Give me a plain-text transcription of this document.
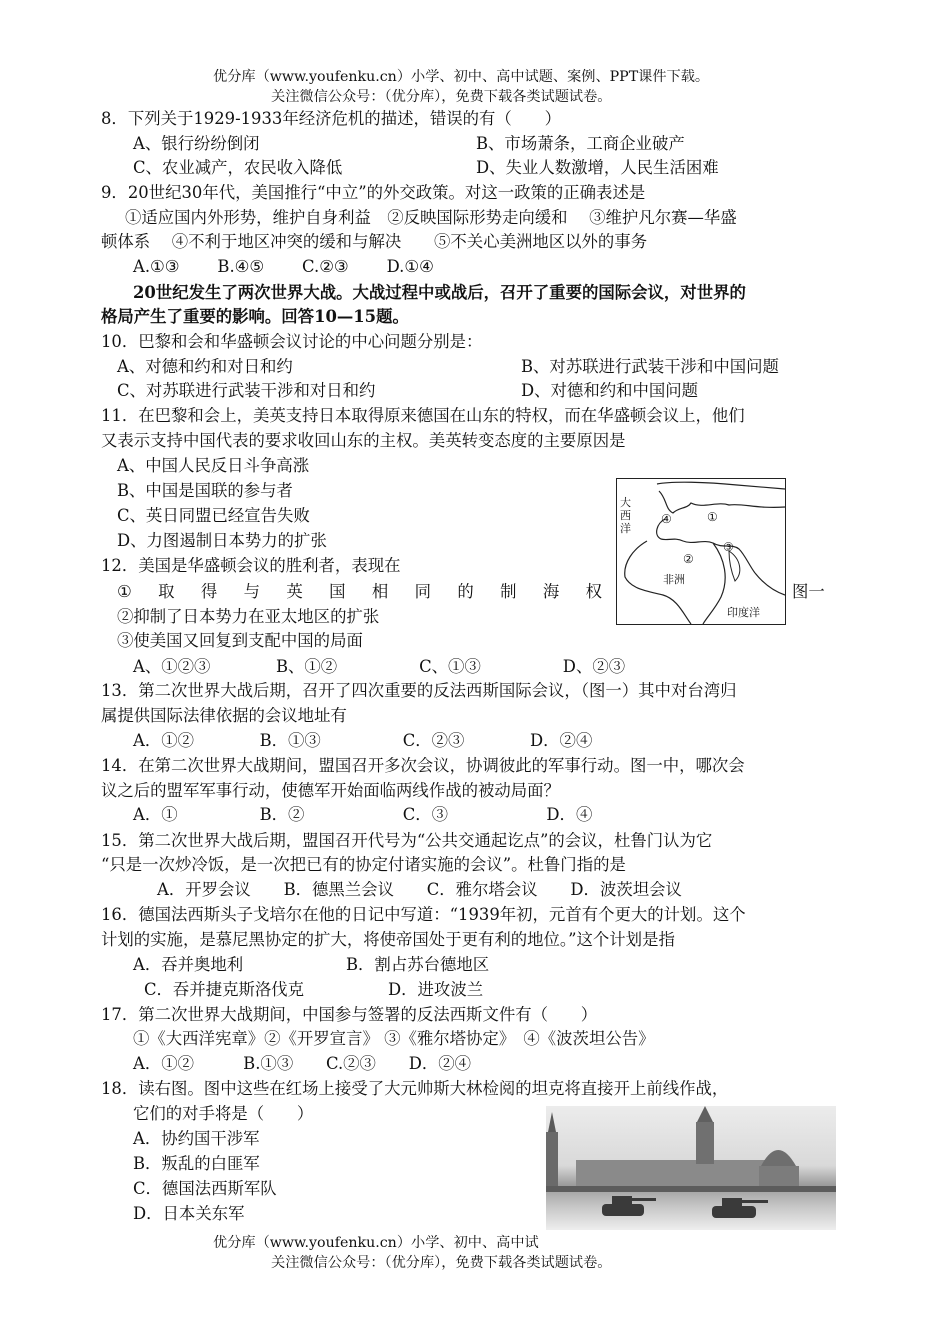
优分库（www.youfenku.cn）小学、初中、高中试题、案例、PPT课件下载。
关注微信公众号：（优分库），免费下载各类试题试卷。
8．下列关于1929-1933年经济危机的描述，错误的有（　　）
A、银行纷纷倒闭	B、市场萧条，工商企业破产
C、农业减产，农民收入降低	D、失业人数激增，人民生活困难
9．20世纪30年代，美国推行“中立”的外交政策。对这一政策的正确表述是
①适应国内外形势，维护自身利益　②反映国际形势走向缓和　 ③维护凡尔赛—华盛
顿体系　 ④不利于地区冲突的缓和与解决　　⑤不关心美洲地区以外的事务
A.①③　　 B.④⑤　　 C.②③　　 D.①④
20世纪发生了两次世界大战。大战过程中或战后，召开了重要的国际会议，对世界的
格局产生了重要的影响。回答10—15题。
10．巴黎和会和华盛顿会议讨论的中心问题分别是：
A、对德和约和对日和约	B、对苏联进行武装干涉和中国问题
C、对苏联进行武装干涉和对日和约	D、对德和约和中国问题
11．在巴黎和会上，美英支持日本取得原来德国在山东的特权，而在华盛顿会议上，他们
又表示支持中国代表的要求收回山东的主权。美英转变态度的主要原因是
A、中国人民反日斗争高涨
B、中国是国联的参与者
C、英日同盟已经宣告失败
D、力图遏制日本势力的扩张
大
西
洋
非洲
印度洋
①
②
③
④
图一
12．美国是华盛顿会议的胜利者，表现在
① 取 得 与 英 国 相 同 的 制 海 权
②抑制了日本势力在亚太地区的扩张
③使美国又回复到支配中国的局面
A、①②③　　　　B、①②　　　　　C、①③　　　　　D、②③
13．第二次世界大战后期，召开了四次重要的反法西斯国际会议，（图一）其中对台湾归
属提供国际法律依据的会议地址有
A．①②　　　　B．①③　　　　　C．②③　　　　D．②④
14．在第二次世界大战期间，盟国召开多次会议，协调彼此的军事行动。图一中，哪次会
议之后的盟军军事行动，使德军开始面临两线作战的被动局面？
A．①　　　　　B．②　　　　　　C．③　　　　　　D．④
15．第二次世界大战后期，盟国召开代号为“公共交通起讫点”的会议，杜鲁门认为它
“只是一次炒冷饭，是一次把已有的协定付诸实施的会议”。杜鲁门指的是
A．开罗会议　　B．德黑兰会议　　C．雅尔塔会议　　D．波茨坦会议
16．德国法西斯头子戈培尔在他的日记中写道：“1939年初，元首有个更大的计划。这个
计划的实施，是慕尼黑协定的扩大，将使帝国处于更有利的地位。”这个计划是指
A．吞并奥地利	B．割占苏台德地区
C．吞并捷克斯洛伐克	D．进攻波兰
17．第二次世界大战期间，中国参与签署的反法西斯文件有（　　）
①《大西洋宪章》②《开罗宣言》 ③《雅尔塔协定》　④《波茨坦公告》
A．①②　　　B.①③　　C.②③　　D．②④
18．读右图。图中这些在红场上接受了大元帅斯大林检阅的坦克将直接开上前线作战，
它们的对手将是（　　）
A．协约国干涉军
B．叛乱的白匪军
C．德国法西斯军队
D．日本关东军
优分库（www.youfenku.cn）小学、初中、高中试
关注微信公众号：（优分库），免费下载各类试题试卷。
